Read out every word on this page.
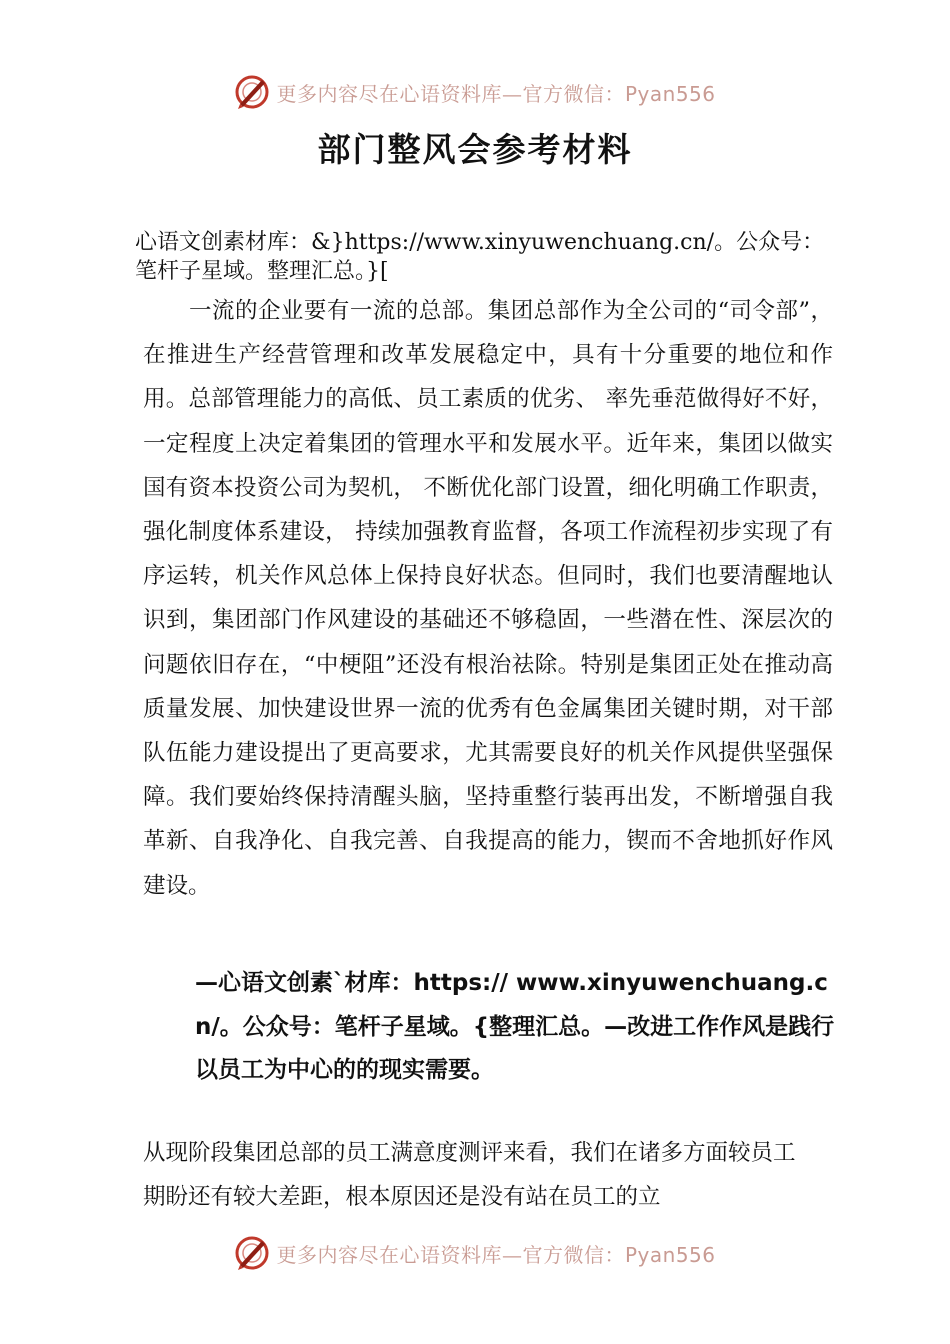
更多内容尽在心语资料库—官方微信：Pyan556
部门整风会参考材料

心语文创素材库：&}https://www.xinyuwenchuang.cn/。公众号：笔杆子星域。整理汇总。}[

一流的企业要有一流的总部。集团总部作为全公司的“司令部”，在推进生产经营管理和改革发展稳定中，具有十分重要的地位和作用。总部管理能力的高低、员工素质的优劣、 率先垂范做得好不好，一定程度上决定着集团的管理水平和发展水平。近年来，集团以做实国有资本投资公司为契机， 不断优化部门设置，细化明确工作职责，强化制度体系建设， 持续加强教育监督，各项工作流程初步实现了有序运转，机关作风总体上保持良好状态。但同时，我们也要清醒地认识到，集团部门作风建设的基础还不够稳固，一些潜在性、深层次的问题依旧存在，“中梗阻”还没有根治祛除。特别是集团正处在推动高质量发展、加快建设世界一流的优秀有色金属集团关键时期，对干部队伍能力建设提出了更高要求，尤其需要良好的机关作风提供坚强保障。我们要始终保持清醒头脑，坚持重整行装再出发，不断增强自我革新、自我净化、自我完善、自我提高的能力，锲而不舍地抓好作风建设。

—心语文创素`材库：https:// www.xinyuwenchuang.cn/。公众号：笔杆子星域。{整理汇总。—改进工作作风是践行以员工为中心的的现实需要。

从现阶段集团总部的员工满意度测评来看，我们在诸多方面较员工期盼还有较大差距，根本原因还是没有站在员工的立

更多内容尽在心语资料库—官方微信：Pyan556
